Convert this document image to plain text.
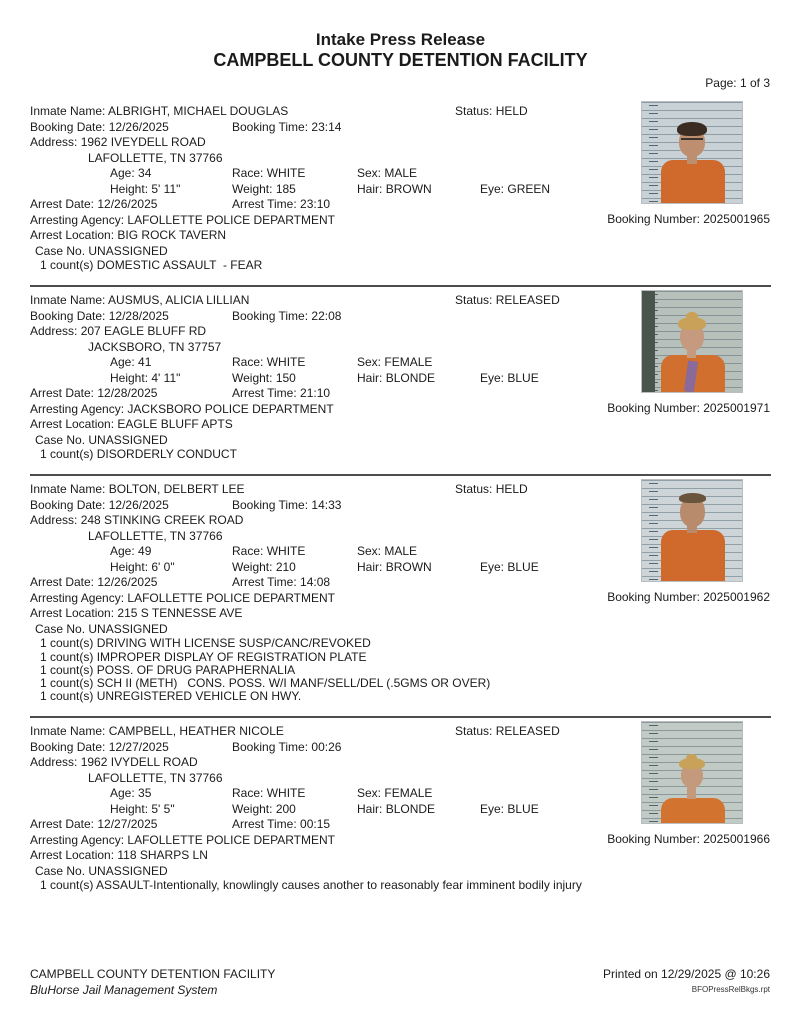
Intake Press Release
CAMPBELL COUNTY DETENTION FACILITY
Page: 1 of 3
Inmate Name: ALBRIGHT, MICHAEL DOUGLAS	Status: HELD
Booking Date: 12/26/2025	Booking Time: 23:14
Address: 1962 IVEYDELL ROAD
LAFOLLETTE, TN 37766
Age: 34	Race: WHITE	Sex: MALE
Height: 5' 11"	Weight: 185	Hair: BROWN	Eye: GREEN
Arrest Date: 12/26/2025	Arrest Time: 23:10
Arresting Agency: LAFOLLETTE POLICE DEPARTMENT
Arrest Location: BIG ROCK TAVERN
Case No. UNASSIGNED
1 count(s) DOMESTIC ASSAULT  - FEAR
Booking Number: 2025001965
Inmate Name: AUSMUS, ALICIA LILLIAN	Status: RELEASED
Booking Date: 12/28/2025	Booking Time: 22:08
Address: 207 EAGLE BLUFF RD
JACKSBORO, TN 37757
Age: 41	Race: WHITE	Sex: FEMALE
Height: 4' 11"	Weight: 150	Hair: BLONDE	Eye: BLUE
Arrest Date: 12/28/2025	Arrest Time: 21:10
Arresting Agency: JACKSBORO POLICE DEPARTMENT
Arrest Location: EAGLE BLUFF APTS
Case No. UNASSIGNED
1 count(s) DISORDERLY CONDUCT
Booking Number: 2025001971
Inmate Name: BOLTON, DELBERT LEE	Status: HELD
Booking Date: 12/26/2025	Booking Time: 14:33
Address: 248 STINKING CREEK ROAD
LAFOLLETTE, TN 37766
Age: 49	Race: WHITE	Sex: MALE
Height: 6' 0"	Weight: 210	Hair: BROWN	Eye: BLUE
Arrest Date: 12/26/2025	Arrest Time: 14:08
Arresting Agency: LAFOLLETTE POLICE DEPARTMENT
Arrest Location: 215 S TENNESSE AVE
Case No. UNASSIGNED
1 count(s) DRIVING WITH LICENSE SUSP/CANC/REVOKED
1 count(s) IMPROPER DISPLAY OF REGISTRATION PLATE
1 count(s) POSS. OF DRUG PARAPHERNALIA
1 count(s) SCH II (METH)   CONS. POSS. W/I MANF/SELL/DEL (.5GMS OR OVER)
1 count(s) UNREGISTERED VEHICLE ON HWY.
Booking Number: 2025001962
Inmate Name: CAMPBELL, HEATHER NICOLE	Status: RELEASED
Booking Date: 12/27/2025	Booking Time: 00:26
Address: 1962 IVYDELL ROAD
LAFOLLETTE, TN 37766
Age: 35	Race: WHITE	Sex: FEMALE
Height: 5' 5"	Weight: 200	Hair: BLONDE	Eye: BLUE
Arrest Date: 12/27/2025	Arrest Time: 00:15
Arresting Agency: LAFOLLETTE POLICE DEPARTMENT
Arrest Location: 118 SHARPS LN
Case No. UNASSIGNED
1 count(s) ASSAULT-Intentionally, knowlingly causes another to reasonably fear imminent bodily injury
Booking Number: 2025001966
CAMPBELL COUNTY DETENTION FACILITY
BluHorse Jail Management System
Printed on 12/29/2025 @ 10:26
BFOPressRelBkgs.rpt
